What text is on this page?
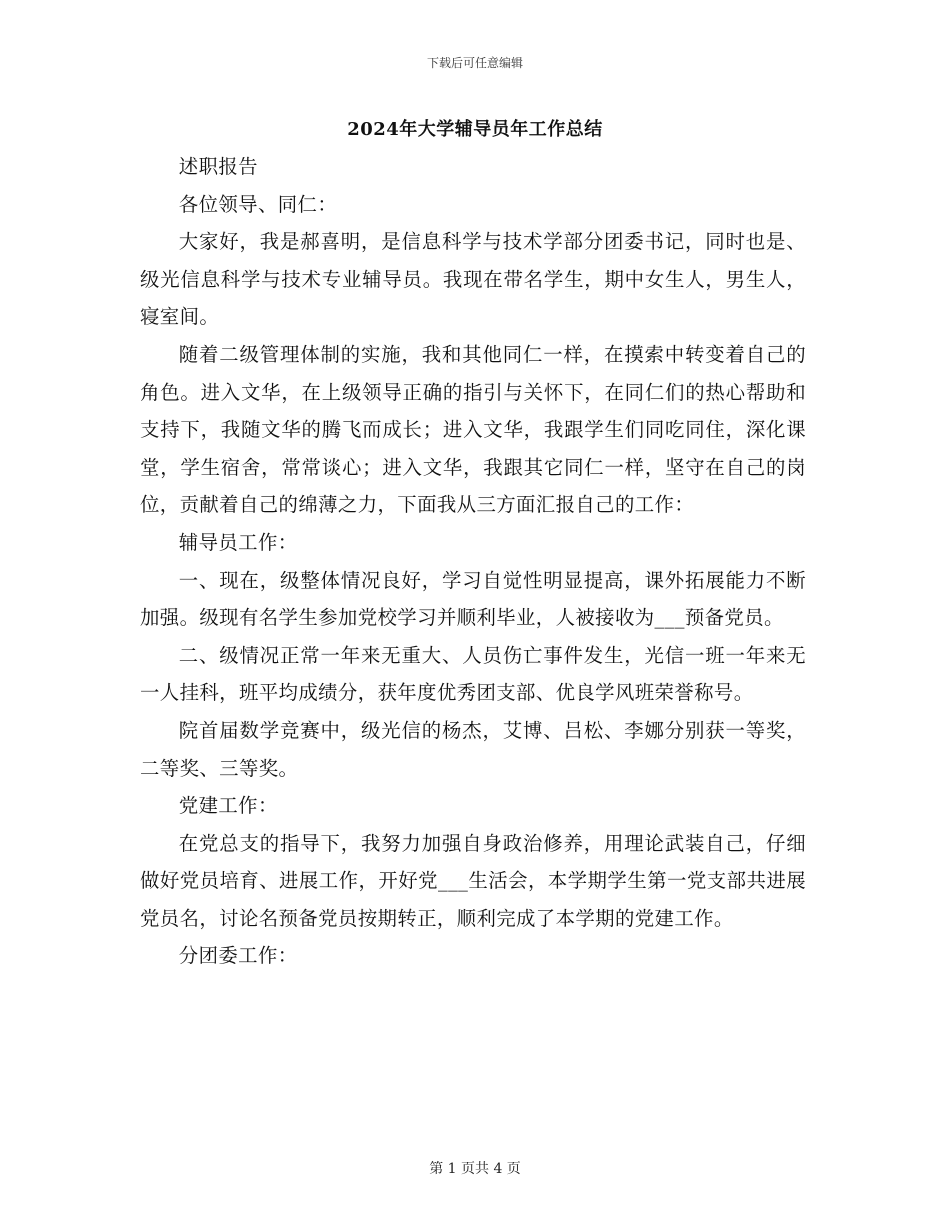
下载后可任意编辑
2024年大学辅导员年工作总结

述职报告

各位领导、同仁：

大家好，我是郝喜明，是信息科学与技术学部分团委书记，同时也是、级光信息科学与技术专业辅导员。我现在带名学生，期中女生人，男生人，寝室间。

随着二级管理体制的实施，我和其他同仁一样，在摸索中转变着自己的角色。进入文华，在上级领导正确的指引与关怀下，在同仁们的热心帮助和支持下，我随文华的腾飞而成长；进入文华，我跟学生们同吃同住，深化课堂，学生宿舍，常常谈心；进入文华，我跟其它同仁一样，坚守在自己的岗位，贡献着自己的绵薄之力，下面我从三方面汇报自己的工作：

辅导员工作：

一、现在，级整体情况良好，学习自觉性明显提高，课外拓展能力不断加强。级现有名学生参加党校学习并顺利毕业，人被接收为___预备党员。

二、级情况正常一年来无重大、人员伤亡事件发生，光信一班一年来无一人挂科，班平均成绩分，获年度优秀团支部、优良学风班荣誉称号。

院首届数学竞赛中，级光信的杨杰，艾博、吕松、李娜分别获一等奖，二等奖、三等奖。

党建工作：

在党总支的指导下，我努力加强自身政治修养，用理论武装自己，仔细做好党员培育、进展工作，开好党___生活会，本学期学生第一党支部共进展党员名，讨论名预备党员按期转正，顺利完成了本学期的党建工作。

分团委工作：

第 1 页共 4 页
